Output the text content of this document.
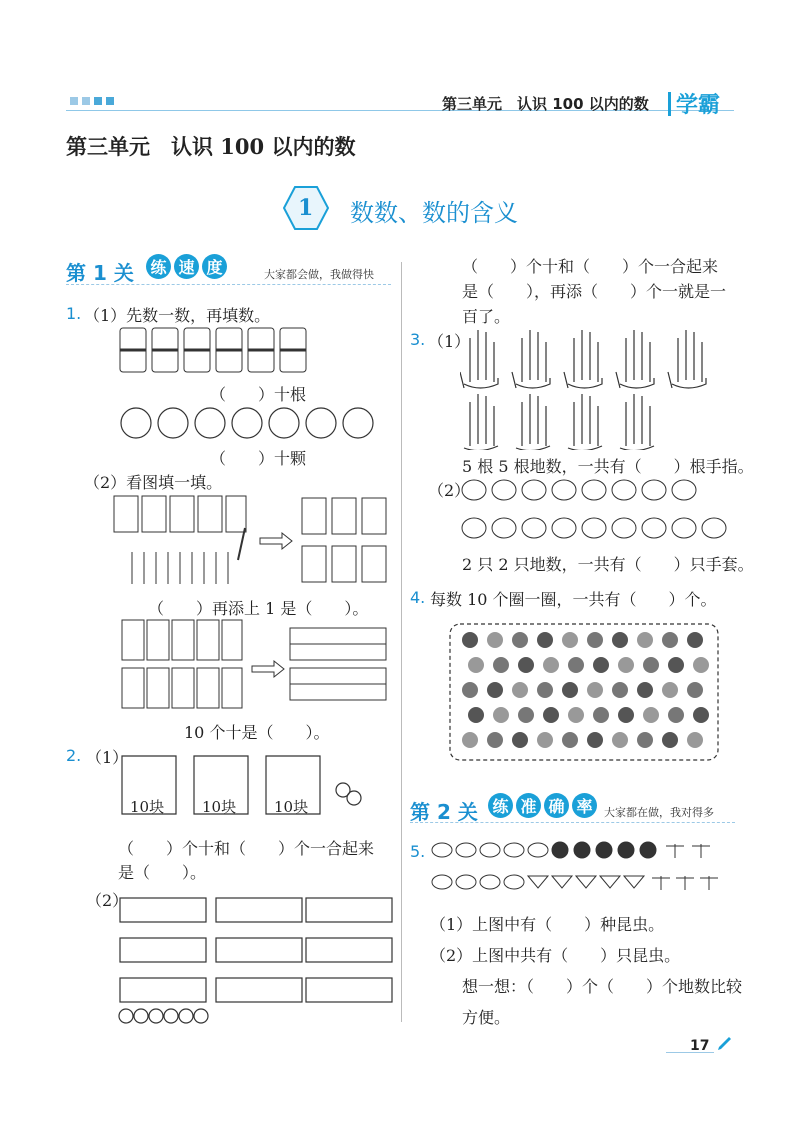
第三单元　认识 100 以内的数 学霸
第三单元　认识 100 以内的数
1 数数、数的含义
第 1 关 练 速 度	大家都会做，我做得快
1. （1）先数一数，再填数。
（　　）十根
（　　）十颗
（2）看图填一填。
（　　）再添上 1 是（　　）。
10 个十是（　　）。
2. （1）
10块	10块	10块
（　　）个十和（　　）个一合起来
是（　　）。
（2）
（　　）个十和（　　）个一合起来
是（　　），再添（　　）个一就是一
百了。
3. （1）
5 根 5 根地数，一共有（　　）根手指。
（2）
2 只 2 只地数，一共有（　　）只手套。
4. 每数 10 个圈一圈，一共有（　　）个。
第 2 关 练 准 确 率	大家都在做，我对得多
5.
（1）上图中有（　　）种昆虫。
（2）上图中共有（　　）只昆虫。
想一想：（　　）个（　　）个地数比较
方便。
17
